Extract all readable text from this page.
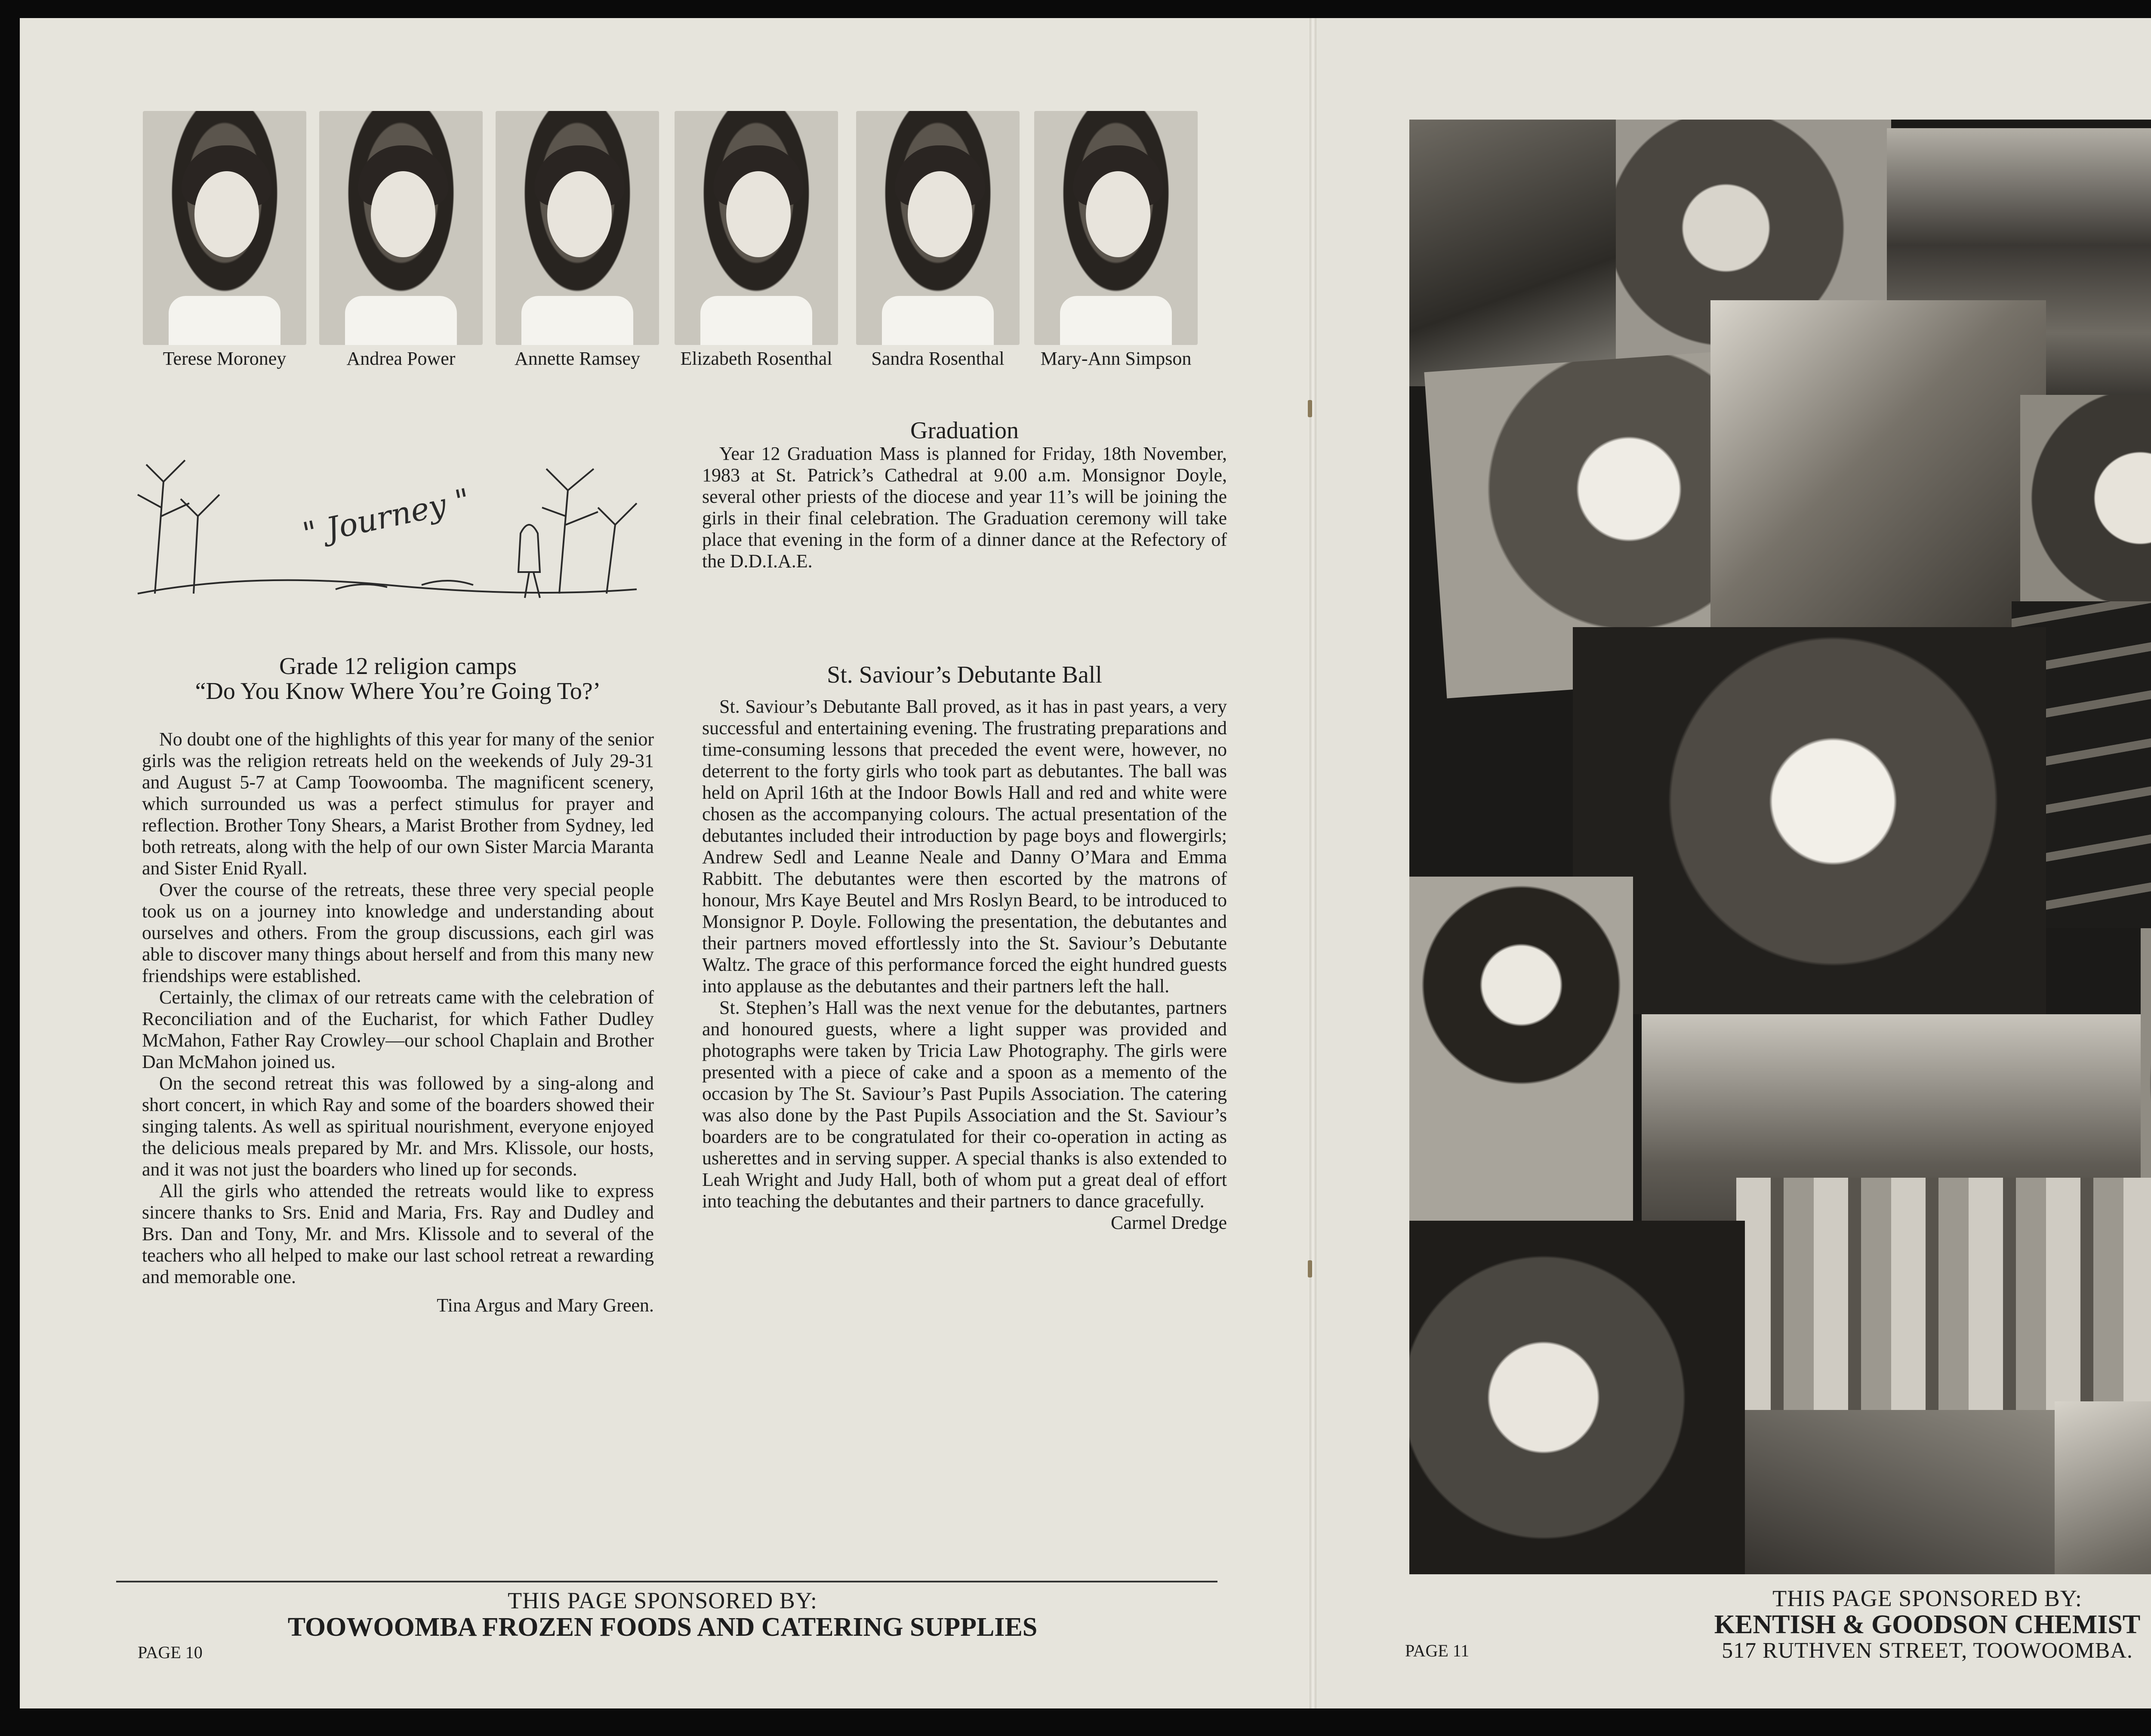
Terese Moroney	Andrea Power	Annette Ramsey	Elizabeth Rosenthal	Sandra Rosenthal	Mary-Ann Simpson
" Journey "
Grade 12 religion camps
“Do You Know Where You’re Going To?’

No doubt one of the highlights of this year for many of the senior girls was the religion retreats held on the weekends of July 29-31 and August 5-7 at Camp Toowoomba. The magnificent scenery, which surrounded us was a perfect stimulus for prayer and reflection. Brother Tony Shears, a Marist Brother from Sydney, led both retreats, along with the help of our own Sister Marcia Maranta and Sister Enid Ryall.

Over the course of the retreats, these three very special people took us on a journey into knowledge and understanding about ourselves and others. From the group discussions, each girl was able to discover many things about herself and from this many new friendships were established.

Certainly, the climax of our retreats came with the celebration of Reconciliation and of the Eucharist, for which Father Dudley McMahon, Father Ray Crowley—our school Chaplain and Brother Dan McMahon joined us.

On the second retreat this was followed by a sing-along and short concert, in which Ray and some of the boarders showed their singing talents. As well as spiritual nourishment, everyone enjoyed the delicious meals prepared by Mr. and Mrs. Klissole, our hosts, and it was not just the boarders who lined up for seconds.

All the girls who attended the retreats would like to express sincere thanks to Srs. Enid and Maria, Frs. Ray and Dudley and Brs. Dan and Tony, Mr. and Mrs. Klissole and to several of the teachers who all helped to make our last school retreat a rewarding and memorable one.

Tina Argus and Mary Green.
Graduation

Year 12 Graduation Mass is planned for Friday, 18th November, 1983 at St. Patrick’s Cathedral at 9.00 a.m. Monsignor Doyle, several other priests of the diocese and year 11’s will be joining the girls in their final celebration. The Graduation ceremony will take place that evening in the form of a dinner dance at the Refectory of the D.D.I.A.E.

St. Saviour’s Debutante Ball

St. Saviour’s Debutante Ball proved, as it has in past years, a very successful and entertaining evening. The frustrating preparations and time-consuming lessons that preceded the event were, however, no deterrent to the forty girls who took part as debutantes. The ball was held on April 16th at the Indoor Bowls Hall and red and white were chosen as the accompanying colours. The actual presentation of the debutantes included their introduction by page boys and flowergirls; Andrew Sedl and Leanne Neale and Danny O’Mara and Emma Rabbitt. The debutantes were then escorted by the matrons of honour, Mrs Kaye Beutel and Mrs Roslyn Beard, to be introduced to Monsignor P. Doyle. Following the presentation, the debutantes and their partners moved effortlessly into the St. Saviour’s Debutante Waltz. The grace of this performance forced the eight hundred guests into applause as the debutantes and their partners left the hall.

St. Stephen’s Hall was the next venue for the debutantes, partners and honoured guests, where a light supper was provided and photographs were taken by Tricia Law Photography. The girls were presented with a piece of cake and a spoon as a memento of the occasion by The St. Saviour’s Past Pupils Association. The catering was also done by the Past Pupils Association and the St. Saviour’s boarders are to be congratulated for their co-operation in acting as usherettes and in serving supper. A special thanks is also extended to Leah Wright and Judy Hall, both of whom put a great deal of effort into teaching the debutantes and their partners to dance gracefully.

Carmel Dredge
THIS PAGE SPONSORED BY:
TOOWOOMBA FROZEN FOODS AND CATERING SUPPLIES
PAGE 10
THIS PAGE SPONSORED BY:
KENTISH & GOODSON CHEMIST
517 RUTHVEN STREET, TOOWOOMBA.
PAGE 11
